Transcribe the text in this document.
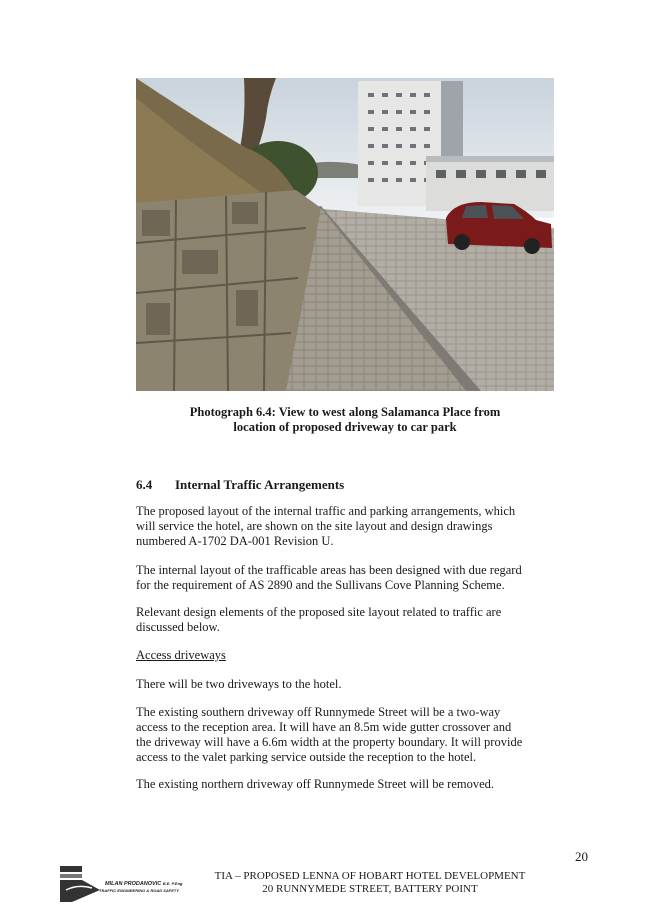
Photograph 6.4: View to west along Salamanca Place from
location of proposed driveway to car park
6.4 Internal Traffic Arrangements
The proposed layout of the internal traffic and parking arrangements, which
will service the hotel, are shown on the site layout and design drawings
numbered A-1702 DA-001 Revision U.
The internal layout of the trafficable areas has been designed with due regard
for the requirement of AS 2890 and the Sullivans Cove Planning Scheme.
Relevant design elements of the proposed site layout related to traffic are
discussed below.
Access driveways
There will be two driveways to the hotel.
The existing southern driveway off Runnymede Street will be a two-way
access to the reception area. It will have an 8.5m wide gutter crossover and
the driveway will have a 6.6m width at the property boundary. It will provide
access to the valet parking service outside the reception to the hotel.
The existing northern driveway off Runnymede Street will be removed.
20
MILAN PRODANOVIC B.E. P.Eng
TRAFFIC ENGINEERING & ROAD SAFETY
TIA – PROPOSED LENNA OF HOBART HOTEL DEVELOPMENT
20 RUNNYMEDE STREET, BATTERY POINT
